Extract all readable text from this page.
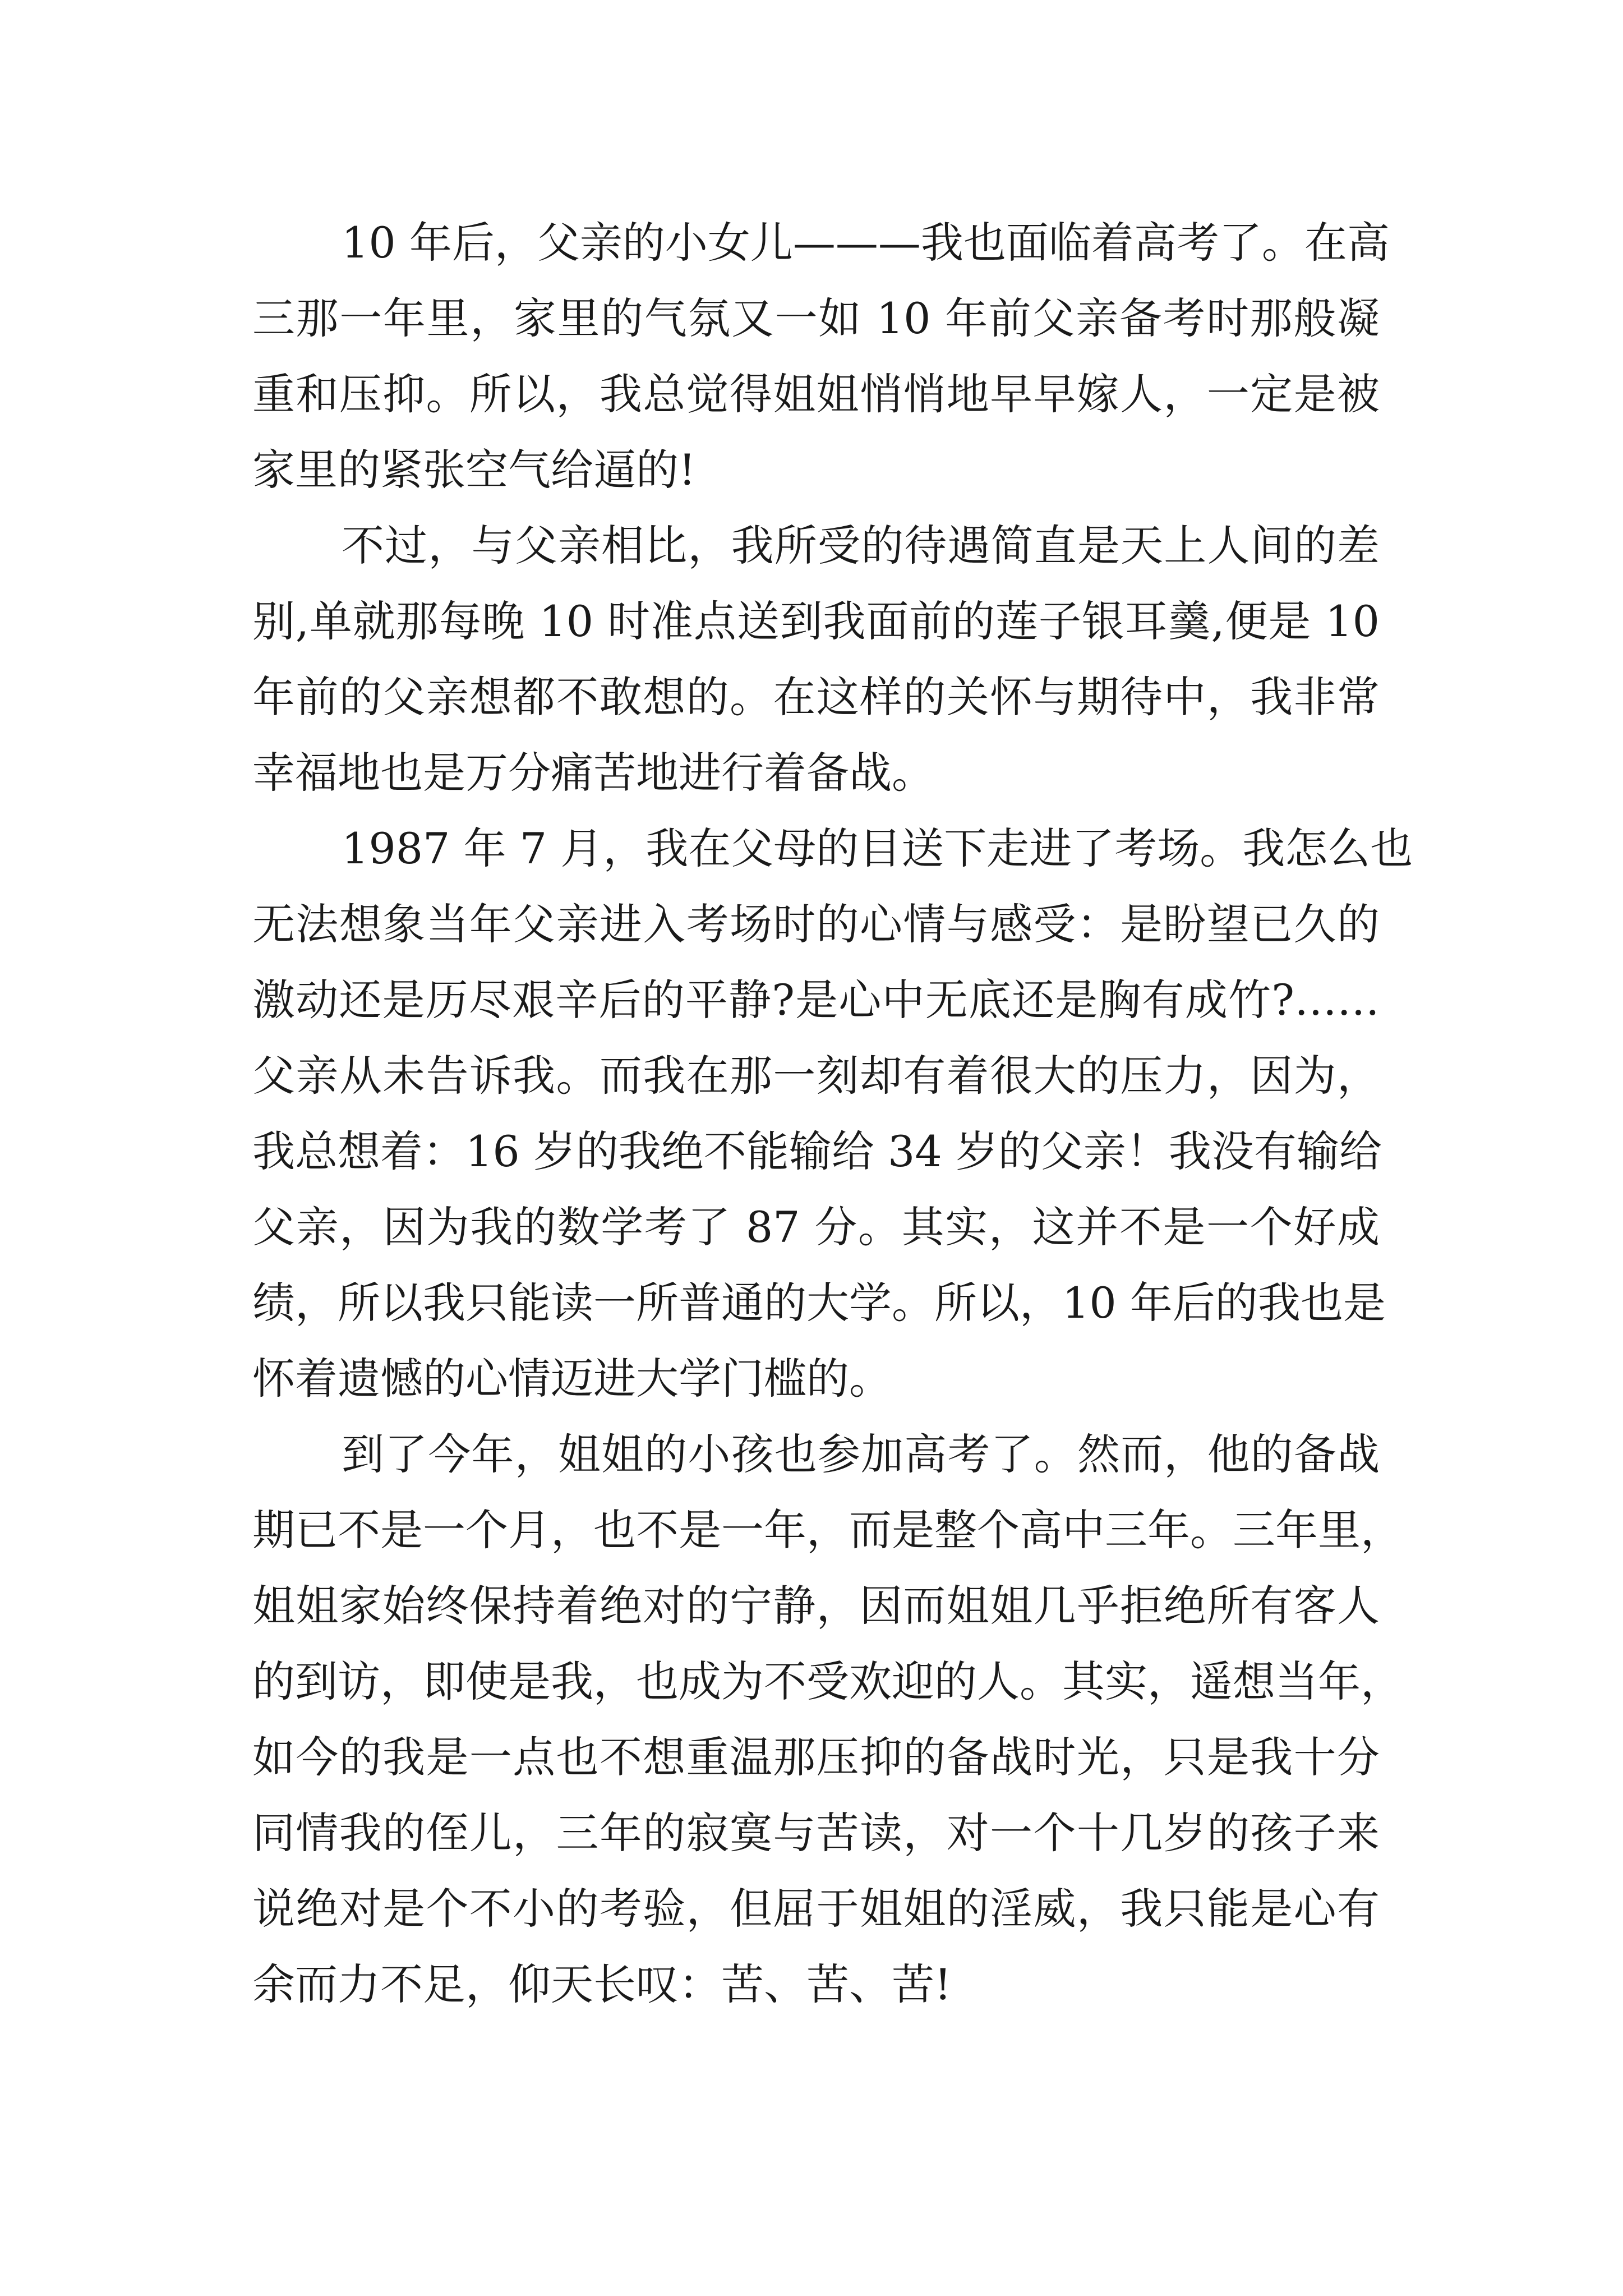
10 年后，父亲的小女儿———我也面临着高考了。在高
三那一年里，家里的气氛又一如 10 年前父亲备考时那般凝
重和压抑。所以，我总觉得姐姐悄悄地早早嫁人，一定是被
家里的紧张空气给逼的!
不过，与父亲相比，我所受的待遇简直是天上人间的差
别,单就那每晚 10 时准点送到我面前的莲子银耳羹,便是 10
年前的父亲想都不敢想的。在这样的关怀与期待中，我非常
幸福地也是万分痛苦地进行着备战。
1987 年 7 月，我在父母的目送下走进了考场。我怎么也
无法想象当年父亲进入考场时的心情与感受：是盼望已久的
激动还是历尽艰辛后的平静?是心中无底还是胸有成竹?……
父亲从未告诉我。而我在那一刻却有着很大的压力，因为，
我总想着：16 岁的我绝不能输给 34 岁的父亲！我没有输给
父亲，因为我的数学考了 87 分。其实，这并不是一个好成
绩，所以我只能读一所普通的大学。所以，10 年后的我也是
怀着遗憾的心情迈进大学门槛的。
到了今年，姐姐的小孩也参加高考了。然而，他的备战
期已不是一个月，也不是一年，而是整个高中三年。三年里，
姐姐家始终保持着绝对的宁静，因而姐姐几乎拒绝所有客人
的到访，即使是我，也成为不受欢迎的人。其实，遥想当年，
如今的我是一点也不想重温那压抑的备战时光，只是我十分
同情我的侄儿，三年的寂寞与苦读，对一个十几岁的孩子来
说绝对是个不小的考验，但屈于姐姐的淫威，我只能是心有
余而力不足，仰天长叹：苦、苦、苦!
